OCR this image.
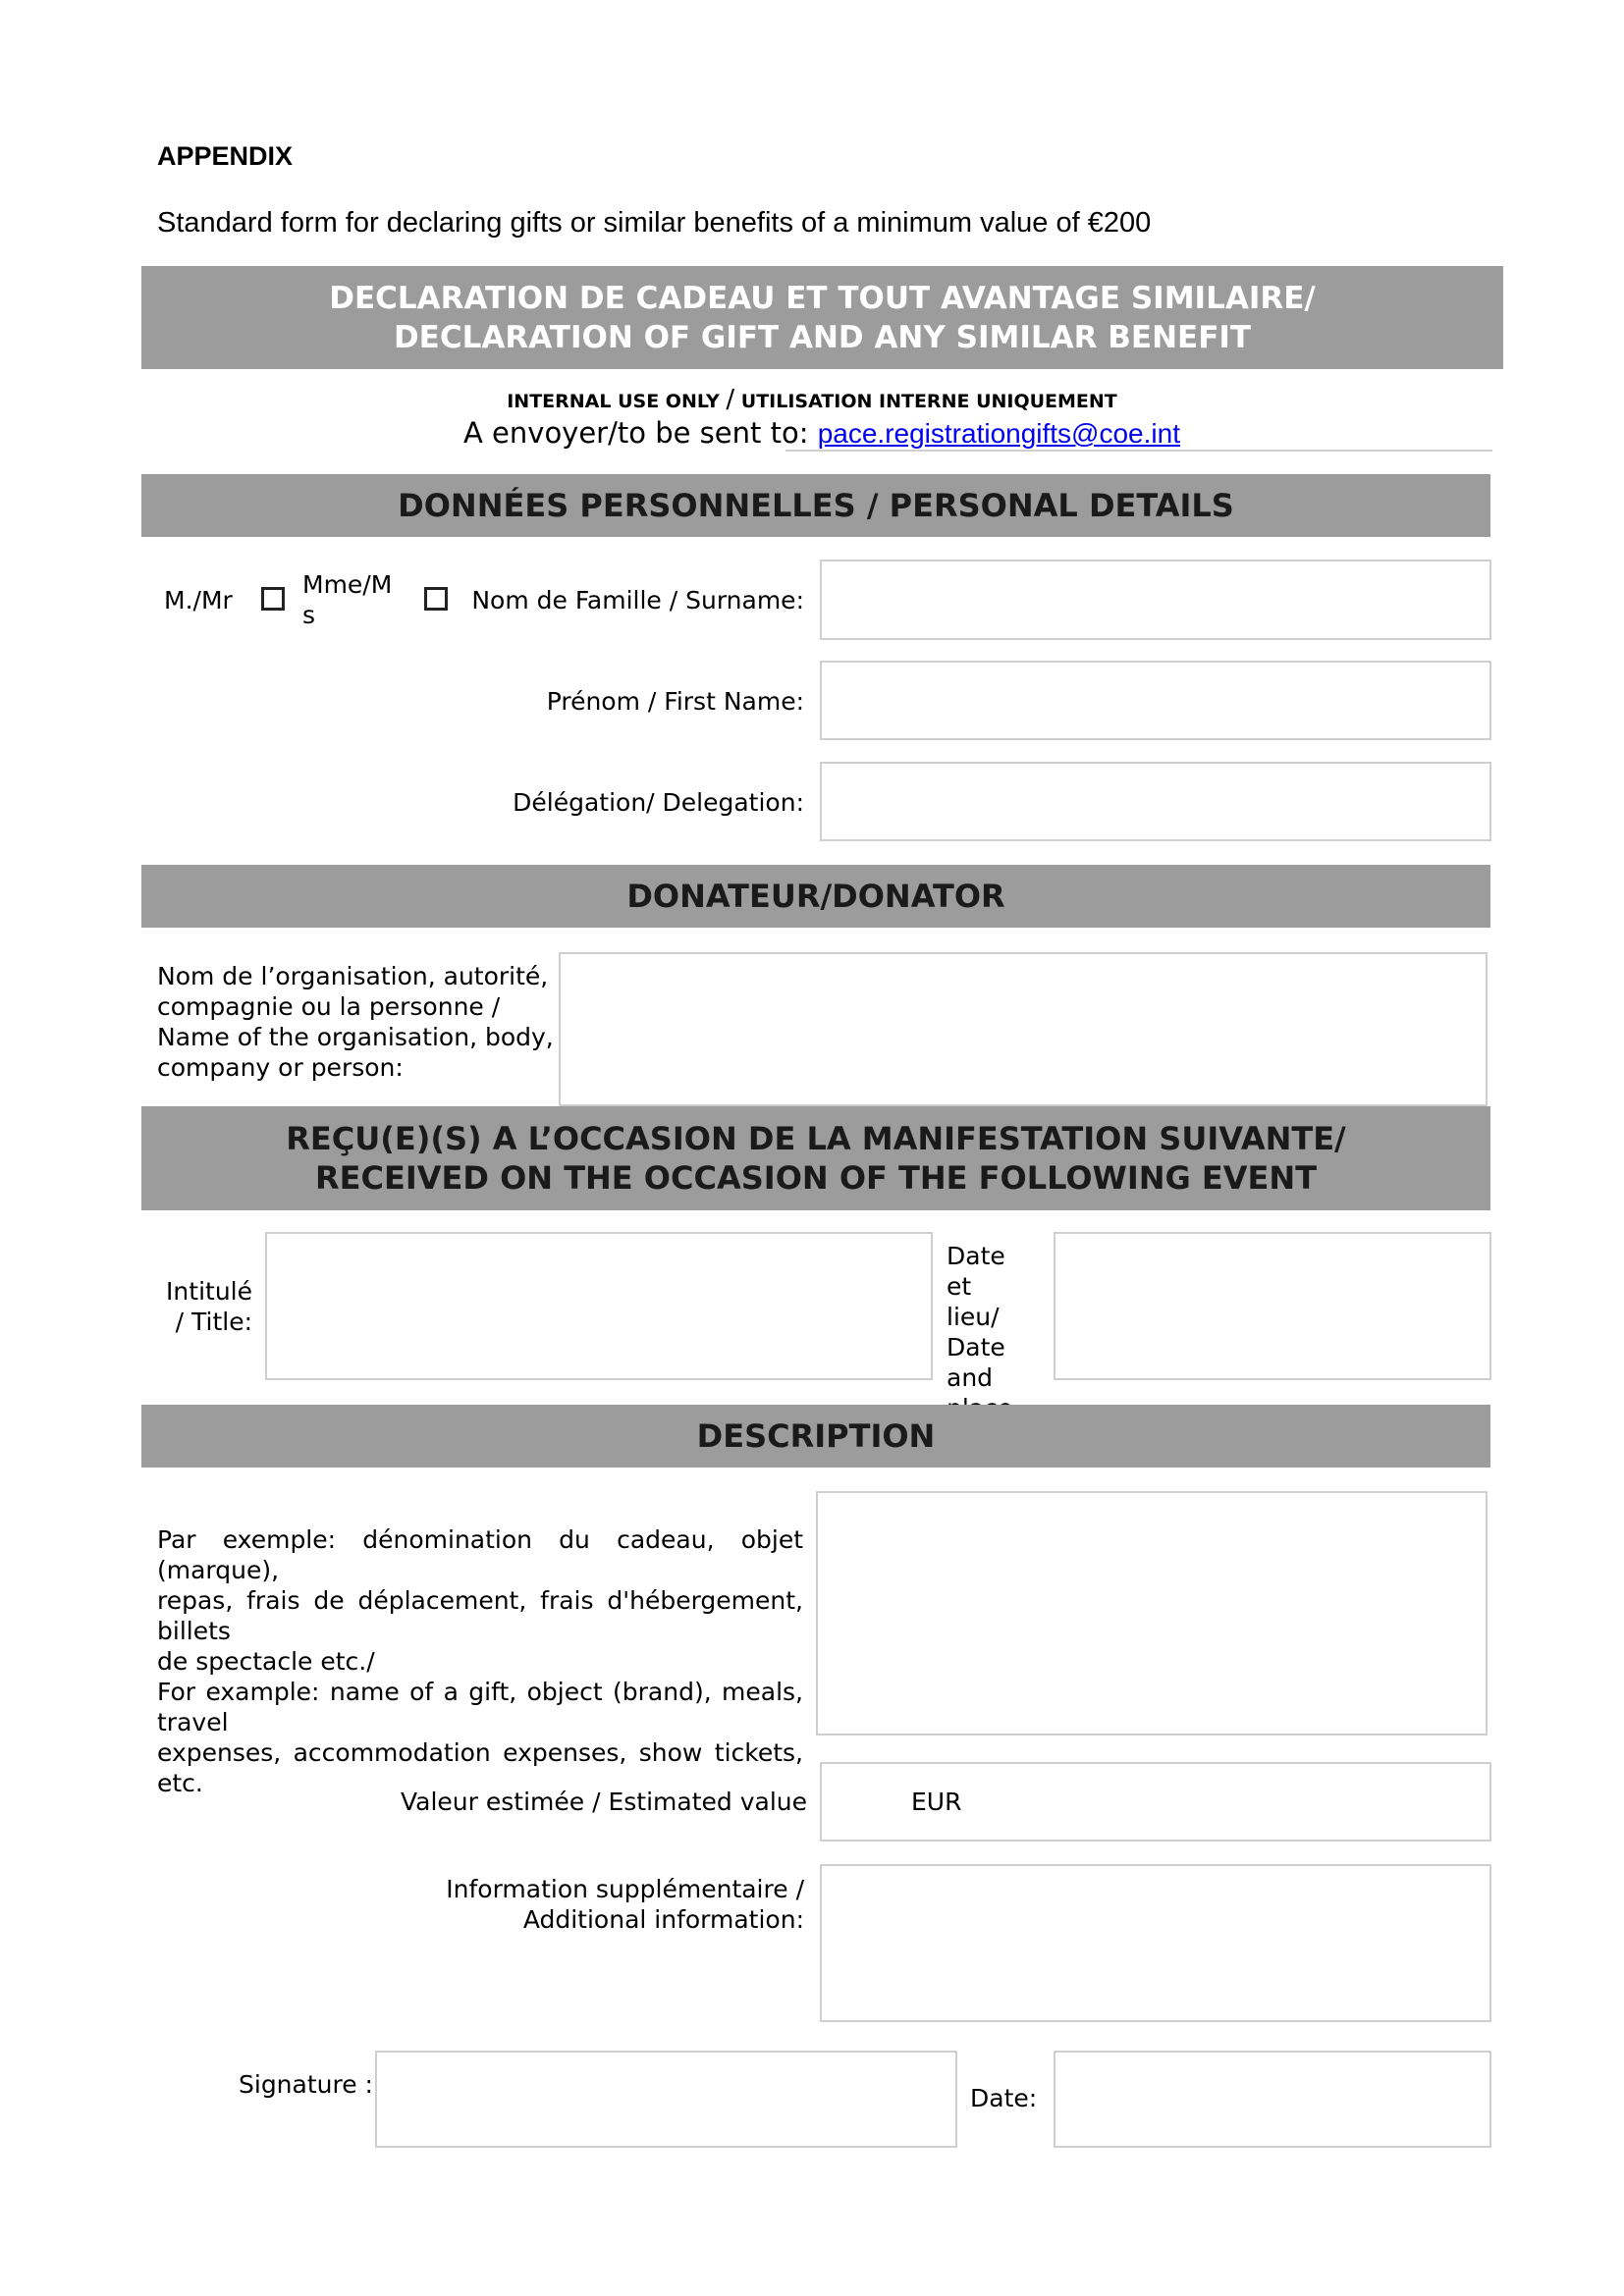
APPENDIX
Standard form for declaring gifts or similar benefits of a minimum value of €200
DECLARATION DE CADEAU ET TOUT AVANTAGE SIMILAIRE/
DECLARATION OF GIFT AND ANY SIMILAR BENEFIT
INTERNAL USE ONLY / UTILISATION INTERNE UNIQUEMENT
A envoyer/to be sent to: pace.registrationgifts@coe.int
DONNÉES PERSONNELLES / PERSONAL DETAILS
M./Mr
Mme/M
s
Nom de Famille / Surname:
Prénom / First Name:
Délégation/ Delegation:
DONATEUR/DONATOR
Nom de l’organisation, autorité,
compagnie ou la personne /
Name of the organisation, body,
company or person:
REÇU(E)(S) A L’OCCASION DE LA MANIFESTATION SUIVANTE/
RECEIVED ON THE OCCASION OF THE FOLLOWING EVENT
Intitulé
/ Title:
Date et
lieu/
Date
and
DESCRIPTION
Par exemple: dénomination du cadeau, objet (marque),
repas, frais de déplacement, frais d'hébergement, billets
de spectacle etc./
For example: name of a gift, object (brand), meals, travel
expenses, accommodation expenses, show tickets, etc.
Valeur estimée / Estimated value	EUR
Information supplémentaire /
Additional information:
Signature :	Date:
